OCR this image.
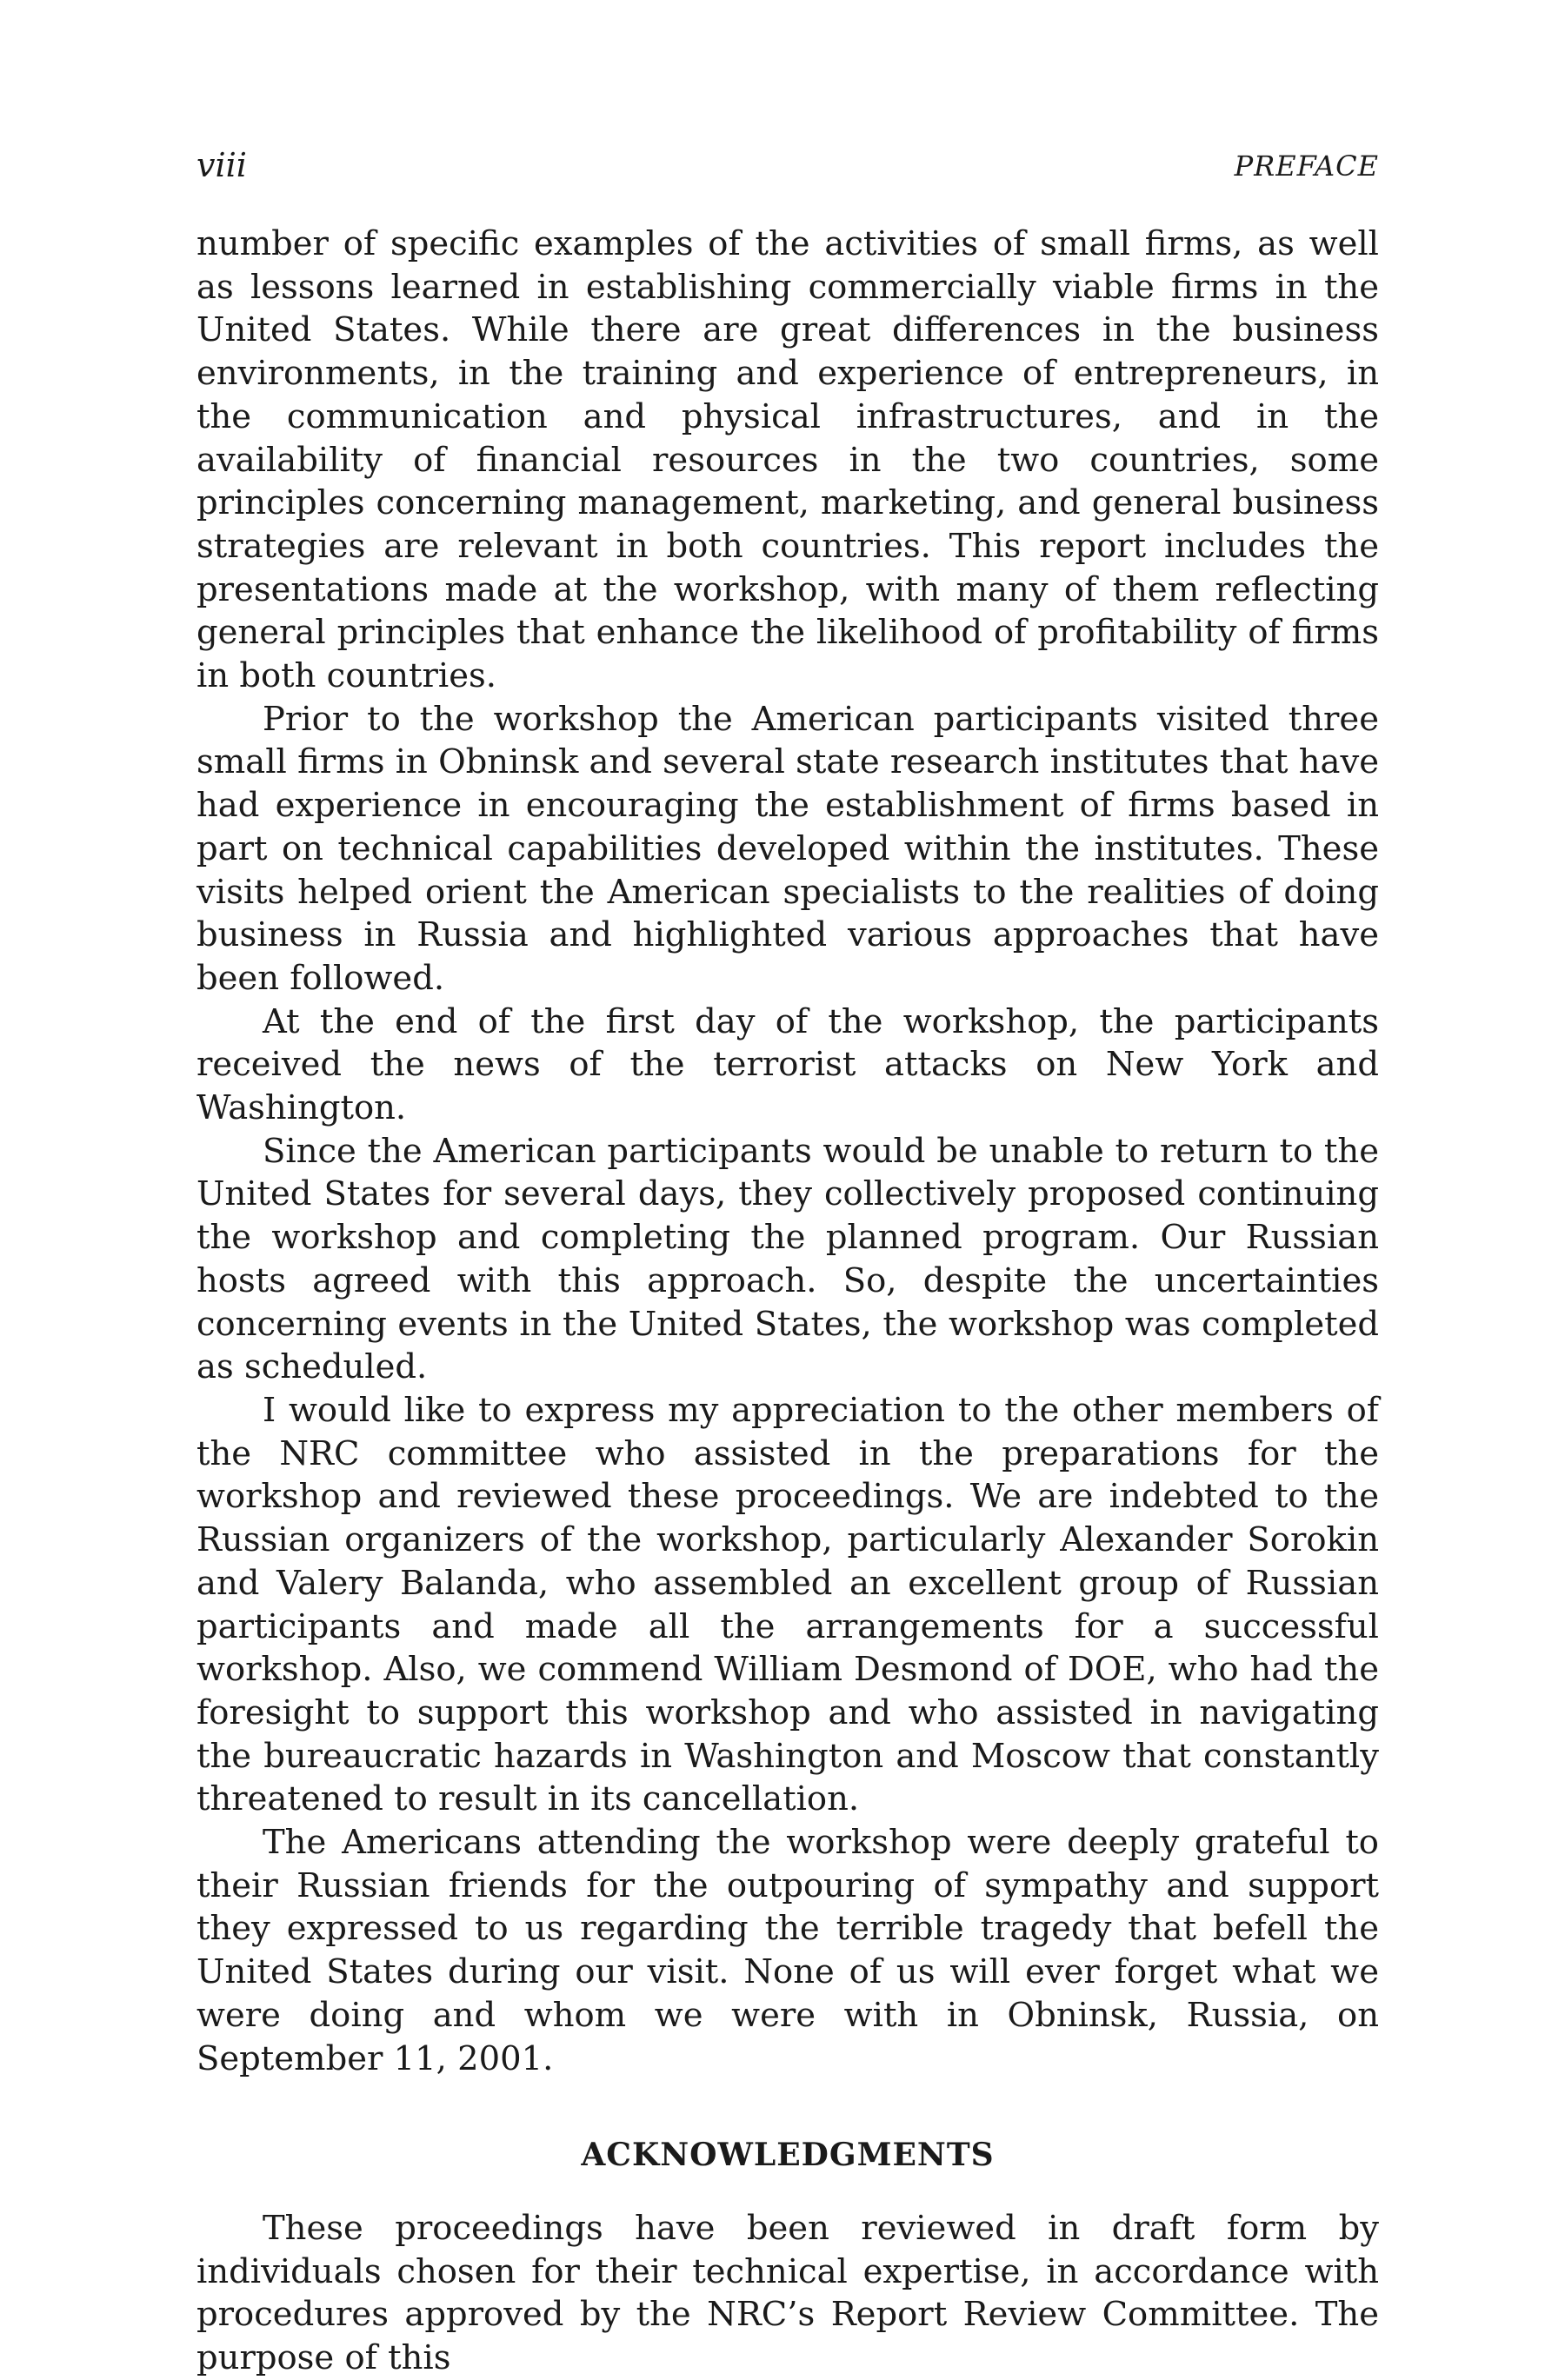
viii	PREFACE

number of specific examples of the activities of small firms, as well as lessons learned in establishing commercially viable firms in the United States. While there are great differences in the business environments, in the training and experience of entrepreneurs, in the communication and physical infrastructures, and in the availability of financial resources in the two countries, some principles concerning management, marketing, and general business strategies are relevant in both countries. This report includes the presentations made at the workshop, with many of them reflecting general principles that enhance the likelihood of profitability of firms in both countries.

Prior to the workshop the American participants visited three small firms in Obninsk and several state research institutes that have had experience in encouraging the establishment of firms based in part on technical capabilities developed within the institutes. These visits helped orient the American specialists to the realities of doing business in Russia and highlighted various approaches that have been followed.

At the end of the first day of the workshop, the participants received the news of the terrorist attacks on New York and Washington.

Since the American participants would be unable to return to the United States for several days, they collectively proposed continuing the workshop and completing the planned program. Our Russian hosts agreed with this approach. So, despite the uncertainties concerning events in the United States, the workshop was completed as scheduled.

I would like to express my appreciation to the other members of the NRC committee who assisted in the preparations for the workshop and reviewed these proceedings. We are indebted to the Russian organizers of the workshop, particularly Alexander Sorokin and Valery Balanda, who assembled an excellent group of Russian participants and made all the arrangements for a successful workshop. Also, we commend William Desmond of DOE, who had the foresight to support this workshop and who assisted in navigating the bureaucratic hazards in Washington and Moscow that constantly threatened to result in its cancellation.

The Americans attending the workshop were deeply grateful to their Russian friends for the outpouring of sympathy and support they expressed to us regarding the terrible tragedy that befell the United States during our visit. None of us will ever forget what we were doing and whom we were with in Obninsk, Russia, on September 11, 2001.

ACKNOWLEDGMENTS

These proceedings have been reviewed in draft form by individuals chosen for their technical expertise, in accordance with procedures approved by the NRC’s Report Review Committee. The purpose of this
